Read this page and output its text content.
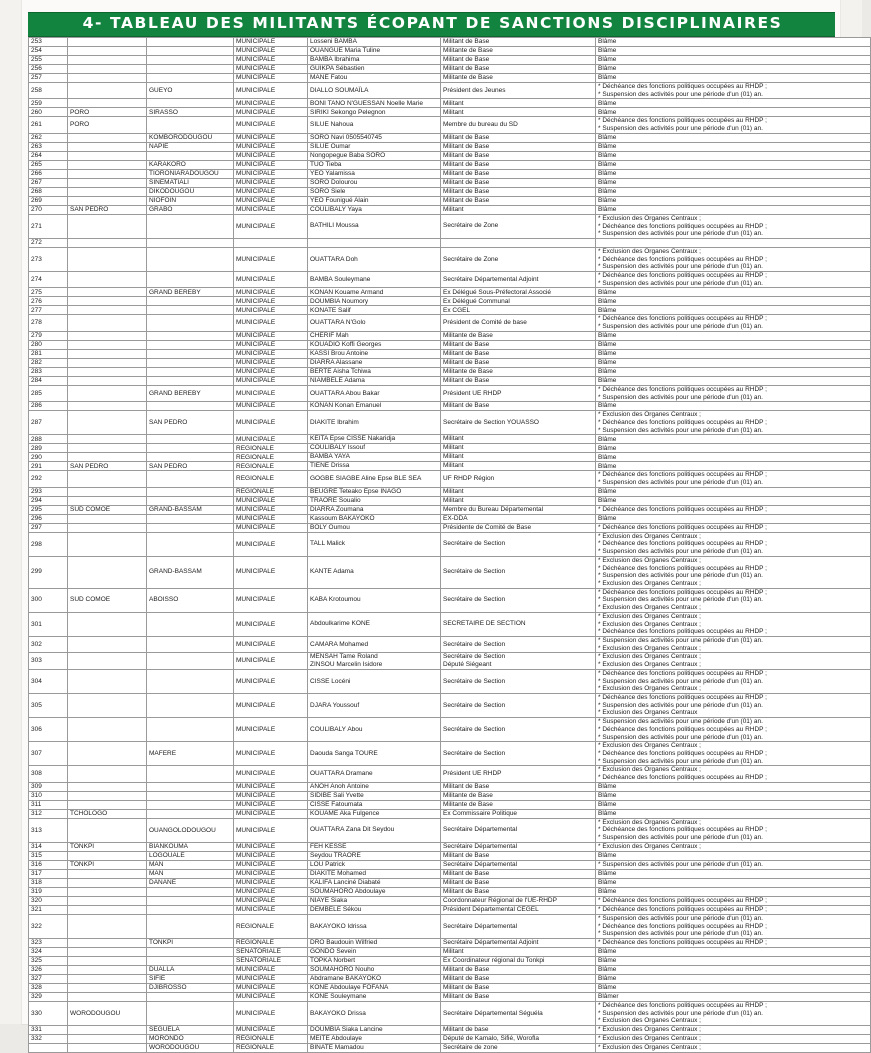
4- TABLEAU DES MILITANTS ÉCOPANT DE SANCTIONS DISCIPLINAIRES
253			MUNICIPALE	Losseni BAMBA	Militant de Base	Blâme

254			MUNICIPALE	OUANGUE Maria Tuline	Militante de Base	Blâme

255			MUNICIPALE	BAMBA Ibrahima	Militant de Base	Blâme

256			MUNICIPALE	GUIKPA Sébastien	Militant de Base	Blâme

257			MUNICIPALE	MANE Fatou	Militante de Base	Blâme

258		GUEYO	MUNICIPALE	DIALLO SOUMAÏLA	Président des Jeunes	* Déchéance des fonctions politiques occupées au RHDP ;
* Suspension des activités pour une période d'un (01) an.

259			MUNICIPALE	BONI TANO N'GUESSAN Noelle Marie	Militant	Blâme

260	PORO	SIRASSO	MUNICIPALE	SIRIKI Sekongo Pelegnon	Militant	Blâme

261	PORO		MUNICIPALE	SILUE Nahoua	Membre du bureau du SD	* Déchéance des fonctions politiques occupées au RHDP ;
* Suspension des activités pour une période d'un (01) an.

262		KOMBORODOUGOU	MUNICIPALE	SORO Navi 0505540745	Militant de Base	Blâme

263		NAPIE	MUNICIPALE	SILUE Oumar	Militant de Base	Blâme

264			MUNICIPALE	Nongopegue Baba SORO	Militant de Base	Blâme

265		KARAKORO	MUNICIPALE	TUO Tieba	Militant de Base	Blâme

266		TIORONIARADOUGOU	MUNICIPALE	YEO Yalamissa	Militant de Base	Blâme

267		SINEMATIALI	MUNICIPALE	SORO Dolourou	Militant de Base	Blâme

268		DIKODOUGOU	MUNICIPALE	SORO Siele	Militant de Base	Blâme

269		NIOFOIN	MUNICIPALE	YEO Founigué Alain	Militant de Base	Blâme

270	SAN PEDRO	GRABO	MUNICIPALE	COULIBALY Yaya	Militant	Blâme

271			MUNICIPALE	BATHILI Moussa	Secrétaire de Zone	* Exclusion des Organes Centraux ;
* Déchéance des fonctions politiques occupées au RHDP ;
* Suspension des activités pour une période d'un (01) an.

272						
273			MUNICIPALE	OUATTARA Doh	Secrétaire de Zone	* Exclusion des Organes Centraux ;
* Déchéance des fonctions politiques occupées au RHDP ;
* Suspension des activités pour une période d'un (01) an.

274			MUNICIPALE	BAMBA Souleymane	Secrétaire Départemental Adjoint	* Déchéance des fonctions politiques occupées au RHDP ;
* Suspension des activités pour une période d'un (01) an.

275		GRAND BEREBY	MUNICIPALE	KONAN Kouame Armand	Ex Délégué Sous-Préfectoral Associé	Blâme

276			MUNICIPALE	DOUMBIA Noumory	Ex Délégué Communal	Blâme

277			MUNICIPALE	KONATE Salif	Ex CGEL	Blâme

278			MUNICIPALE	OUATTARA N'Golo	Président de Comité de base	* Déchéance des fonctions politiques occupées au RHDP ;
* Suspension des activités pour une période d'un (01) an.

279			MUNICIPALE	CHERIF Mah	Militante de Base	Blâme

280			MUNICIPALE	KOUADIO Koffi Georges	Militant de Base	Blâme

281			MUNICIPALE	KASSI Brou Antoine	Militant de Base	Blâme

282			MUNICIPALE	DIARRA Alassane	Militant de Base	Blâme

283			MUNICIPALE	BERTE Aisha Tchiwa	Militante de Base	Blâme

284			MUNICIPALE	NIAMBELE Adama	Militant de Base	Blâme

285		GRAND BEREBY	MUNICIPALE	OUATTARA Abou Bakar	Président UE RHDP	* Déchéance des fonctions politiques occupées au RHDP ;
* Suspension des activités pour une période d'un (01) an.

286			MUNICIPALE	KONAN Konan Emanuel	Militant de Base	Blâme

287		SAN PEDRO	MUNICIPALE	DIAKITE Ibrahim	Secrétaire de Section YOUASSO	* Exclusion des Organes Centraux ;
* Déchéance des fonctions politiques occupées au RHDP ;
* Suspension des activités pour une période d'un (01) an.

288			MUNICIPALE	KEITA Epse CISSE Nakaridja	Militant	Blâme

289			REGIONALE	COULIBALY Issouf	Militant	Blâme

290			REGIONALE	BAMBA YAYA	Militant	Blâme

291	SAN PEDRO	SAN PEDRO	REGIONALE	TIENE Drissa	Militant	Blâme

292			REGIONALE	GOGBE SIAGBE Aline Epse BLE SEA	UF RHDP Région	* Déchéance des fonctions politiques occupées au RHDP ;
* Suspension des activités pour une période d'un (01) an.

293			REGIONALE	BEUGRE Teteako Epse INAGO	Militant	Blâme

294			MUNICIPALE	TRAORE Soualio	Militant	Blâme

295	SUD COMOE	GRAND-BASSAM	MUNICIPALE	DIARRA Zoumana	Membre du Bureau Départemental	* Déchéance des fonctions politiques occupées au RHDP ;

296			MUNICIPALE	Kassoum BAKAYOKO	EX-DDA	Blâme

297			MUNICIPALE	BOLY Oumou	Présidente de Comité de Base	* Déchéance des fonctions politiques occupées au RHDP ;

298			MUNICIPALE	TALL Malick	Secrétaire de Section	* Exclusion des Organes Centraux ;
* Déchéance des fonctions politiques occupées au RHDP ;
* Suspension des activités pour une période d'un (01) an.

299		GRAND-BASSAM	MUNICIPALE	KANTE Adama	Secrétaire de Section	* Exclusion des Organes Centraux ;
* Déchéance des fonctions politiques occupées au RHDP ;
* Suspension des activités pour une période d'un (01) an.
* Exclusion des Organes Centraux ;

300	SUD COMOE	ABOISSO	MUNICIPALE	KABA Krotoumou	Secrétaire de Section	* Déchéance des fonctions politiques occupées au RHDP ;
* Suspension des activités pour une période d'un (01) an.
* Exclusion des Organes Centraux ;

301			MUNICIPALE	Abdoulkarime KONE	SECRETAIRE DE SECTION	* Exclusion des Organes Centraux ;
* Exclusion des Organes Centraux ;
* Déchéance des fonctions politiques occupées au RHDP ;

302			MUNICIPALE	CAMARA Mohamed	Secrétaire de Section	* Suspension des activités pour une période d'un (01) an.
* Exclusion des Organes Centraux ;

303			MUNICIPALE	MENSAH Tame Roland
ZINSOU Marcelin Isidore	Secrétaire de Section
Député Siégeant	* Exclusion des Organes Centraux ;
* Exclusion des Organes Centraux ;

304			MUNICIPALE	CISSE Locéni	Secrétaire de Section	* Déchéance des fonctions politiques occupées au RHDP ;
* Suspension des activités pour une période d'un (01) an.
* Exclusion des Organes Centraux ;

305			MUNICIPALE	DJARA Youssouf	Secrétaire de Section	* Déchéance des fonctions politiques occupées au RHDP ;
* Suspension des activités pour une période d'un (01) an.
* Exclusion des Organes Centraux

306			MUNICIPALE	COULIBALY Abou	Secrétaire de Section	* Suspension des activités pour une période d'un (01) an.
* Déchéance des fonctions politiques occupées au RHDP ;
* Suspension des activités pour une période d'un (01) an.

307		MAFERE	MUNICIPALE	Daouda Sanga TOURE	Secrétaire de Section	* Exclusion des Organes Centraux ;
* Déchéance des fonctions politiques occupées au RHDP ;
* Suspension des activités pour une période d'un (01) an.

308			MUNICIPALE	OUATTARA Dramane	Président UE RHDP	* Exclusion des Organes Centraux ;
* Déchéance des fonctions politiques occupées au RHDP ;

309			MUNICIPALE	ANOH Anoh Antoine	Militant de Base	Blâme

310			MUNICIPALE	SIDIBE Sali Yvette	Militante de Base	Blâme

311			MUNICIPALE	CISSE Fatoumata	Militante de Base	Blâme

312	TCHOLOGO		MUNICIPALE	KOUAME Aka Fulgence	Ex Commissaire Politique	Blâme

313		OUANGOLODOUGOU	MUNICIPALE	OUATTARA Zana Dit Seydou	Secrétaire Départemental	* Exclusion des Organes Centraux ;
* Déchéance des fonctions politiques occupées au RHDP ;
* Suspension des activités pour une période d'un (01) an.

314	TONKPI	BIANKOUMA	MUNICIPALE	FEH KESSE	Secrétaire Départemental	* Exclusion des Organes Centraux ;

315		LOGOUALE	MUNICIPALE	Seydou TRAORE	Militant de Base	Blâme

316	TONKPI	MAN	MUNICIPALE	LOU Patrick	Secrétaire Départemental	* Suspension des activités pour une période d'un (01) an.

317		MAN	MUNICIPALE	DIAKITE Mohamed	Militant de Base	Blâme

318		DANANE	MUNICIPALE	KALIFA Lanciné Diabaté	Militant de Base	Blâme

319			MUNICIPALE	SOUMAHORO Abdoulaye	Militant de Base	Blâme

320			MUNICIPALE	NIAYE Siaka	Coordonnateur Régional de l'UE-RHDP	* Déchéance des fonctions politiques occupées au RHDP ;

321			MUNICIPALE	DEMBELE Sékou	Président Départemental CEGEL	* Déchéance des fonctions politiques occupées au RHDP ;

322			REGIONALE	BAKAYOKO Idrissa	Secrétaire Départemental	* Suspension des activités pour une période d'un (01) an.
* Déchéance des fonctions politiques occupées au RHDP ;
* Suspension des activités pour une période d'un (01) an.

323		TONKPI	REGIONALE	DRO Baudouin Wilfried	Secrétaire Départemental Adjoint	* Déchéance des fonctions politiques occupées au RHDP ;

324			SENATORIALE	GONDO Sevein	Militant	Blâme

325			SENATORIALE	TOPKA Norbert	Ex Coordinateur régional du Tonkpi	Blâme

326		DUALLA	MUNICIPALE	SOUMAHORO Nouho	Militant de Base	Blâme

327		SIFIE	MUNICIPALE	Abdramane BAKAYOKO	Militant de Base	Blâme

328		DJIBROSSO	MUNICIPALE	KONE Abdoulaye FOFANA	Militant de Base	Blâme

329			MUNICIPALE	KONE Souleymane	Militant de Base	Blâmer

330	WORODOUGOU		MUNICIPALE	BAKAYOKO Drissa	Secrétaire Départemental Séguéla	* Déchéance des fonctions politiques occupées au RHDP ;
* Suspension des activités pour une période d'un (01) an.
* Exclusion des Organes Centraux ;

331		SEGUELA	MUNICIPALE	DOUMBIA Siaka Lancine	Militant de base	* Exclusion des Organes Centraux ;

332		MORONDO	REGIONALE	MEITE Abdoulaye	Député de Kamalo, Sifié, Worofla	* Exclusion des Organes Centraux ;

		WORODOUGOU	REGIONALE	BINATE Mamadou	Secrétaire de zone	* Exclusion des Organes Centraux ;
